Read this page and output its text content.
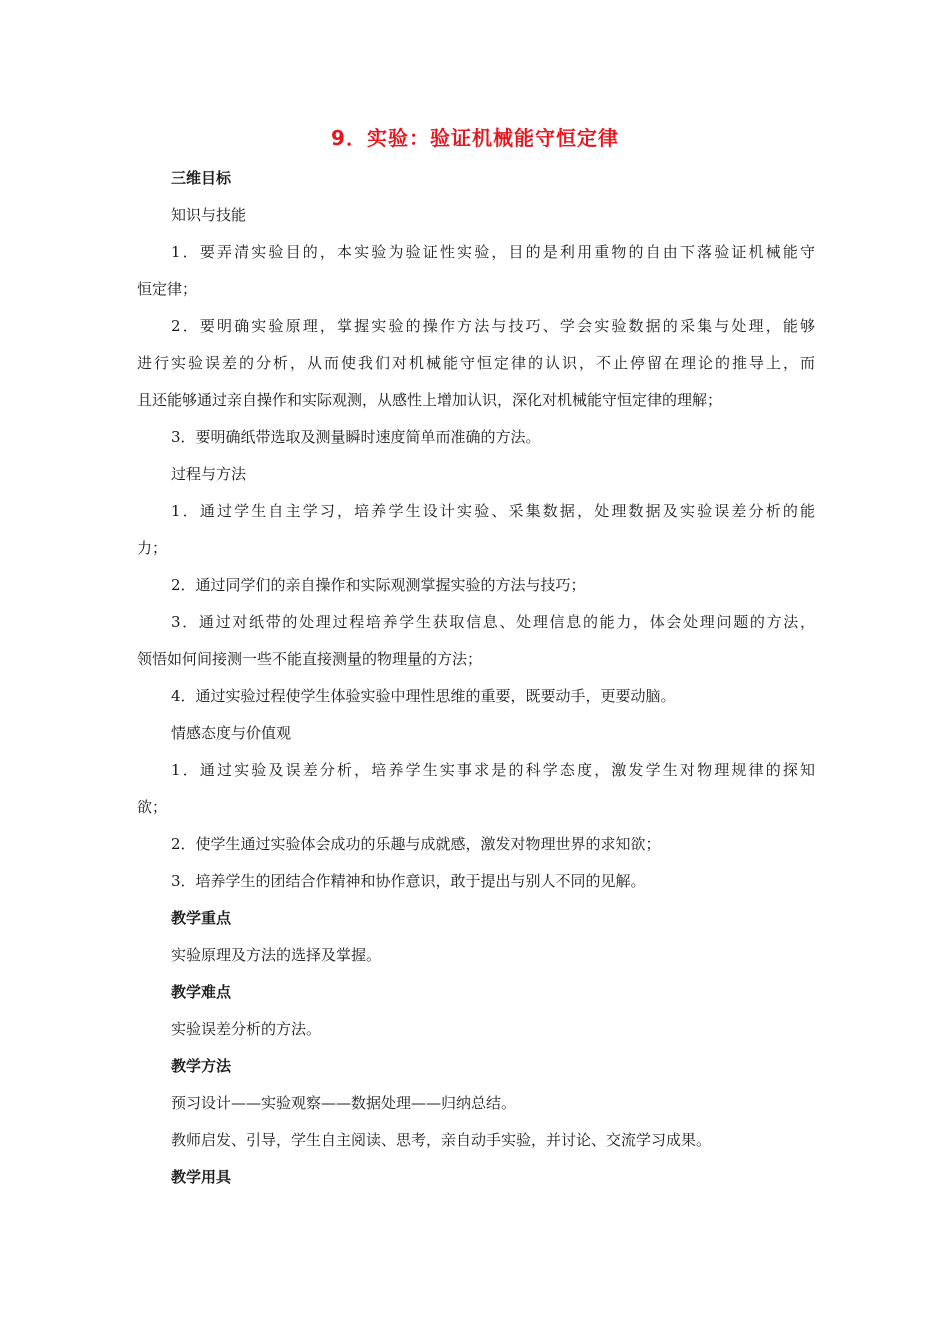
9．实验：验证机械能守恒定律
三维目标
知识与技能
1．要弄清实验目的，本实验为验证性实验，目的是利用重物的自由下落验证机械能守
恒定律；
2．要明确实验原理，掌握实验的操作方法与技巧、学会实验数据的采集与处理，能够
进行实验误差的分析，从而使我们对机械能守恒定律的认识，不止停留在理论的推导上，而
且还能够通过亲自操作和实际观测，从感性上增加认识，深化对机械能守恒定律的理解；
3．要明确纸带选取及测量瞬时速度简单而准确的方法。
过程与方法
1．通过学生自主学习，培养学生设计实验、采集数据，处理数据及实验误差分析的能
力；
2．通过同学们的亲自操作和实际观测掌握实验的方法与技巧；
3．通过对纸带的处理过程培养学生获取信息、处理信息的能力，体会处理问题的方法，
领悟如何间接测一些不能直接测量的物理量的方法；
4．通过实验过程使学生体验实验中理性思维的重要，既要动手，更要动脑。
情感态度与价值观
1．通过实验及误差分析，培养学生实事求是的科学态度，激发学生对物理规律的探知
欲；
2．使学生通过实验体会成功的乐趣与成就感，激发对物理世界的求知欲；
3．培养学生的团结合作精神和协作意识，敢于提出与别人不同的见解。
教学重点
实验原理及方法的选择及掌握。
教学难点
实验误差分析的方法。
教学方法
预习设计——实验观察——数据处理——归纳总结。
教师启发、引导，学生自主阅读、思考，亲自动手实验，并讨论、交流学习成果。
教学用具
